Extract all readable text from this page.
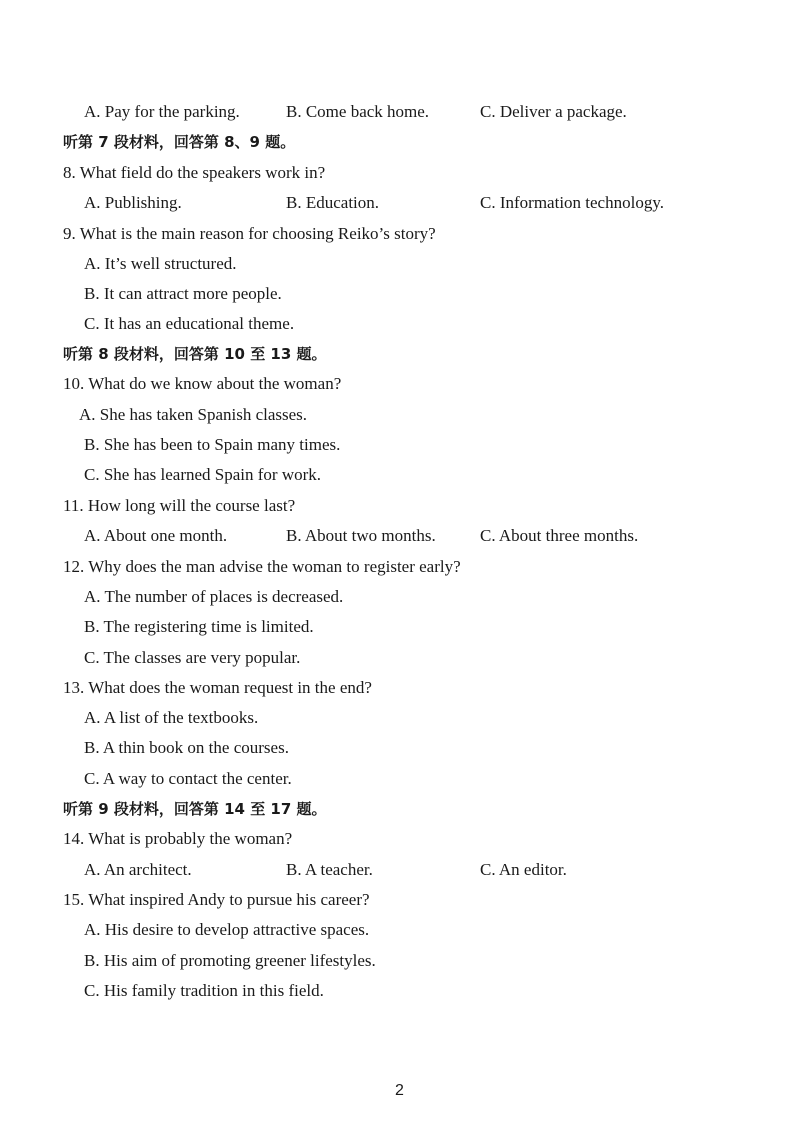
A. Pay for the parking.	B. Come back home.	C. Deliver a package.
听第 7 段材料，回答第 8、9 题。
8. What field do the speakers work in?
A. Publishing.	B. Education.	C. Information technology.
9. What is the main reason for choosing Reiko’s story?
A. It’s well structured.
B. It can attract more people.
C. It has an educational theme.
听第 8 段材料，回答第 10 至 13 题。
10. What do we know about the woman?
A. She has taken Spanish classes.
B. She has been to Spain many times.
C. She has learned Spain for work.
11. How long will the course last?
A. About one month.	B. About two months.	C. About three months.
12. Why does the man advise the woman to register early?
A. The number of places is decreased.
B. The registering time is limited.
C. The classes are very popular.
13. What does the woman request in the end?
A. A list of the textbooks.
B. A thin book on the courses.
C. A way to contact the center.
听第 9 段材料，回答第 14 至 17 题。
14. What is probably the woman?
A. An architect.	B. A teacher.	C. An editor.
15. What inspired Andy to pursue his career?
A. His desire to develop attractive spaces.
B. His aim of promoting greener lifestyles.
C. His family tradition in this field.
2
